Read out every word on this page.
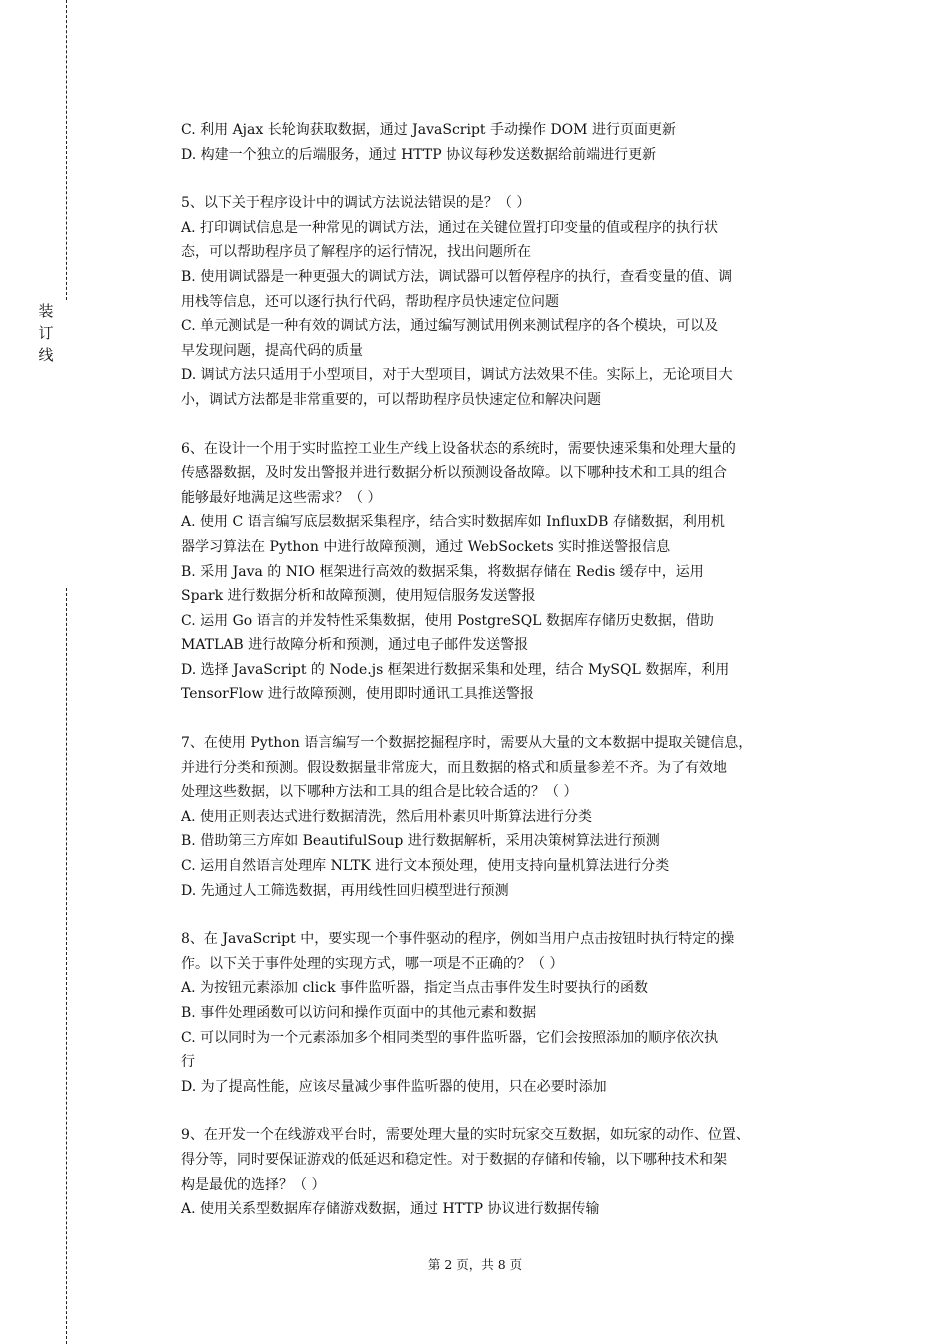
装订线

C. 利用 Ajax 长轮询获取数据，通过 JavaScript 手动操作 DOM 进行页面更新

D. 构建一个独立的后端服务，通过 HTTP 协议每秒发送数据给前端进行更新

5、以下关于程序设计中的调试方法说法错误的是？（ ）

A. 打印调试信息是一种常见的调试方法，通过在关键位置打印变量的值或程序的执行状

态，可以帮助程序员了解程序的运行情况，找出问题所在

B. 使用调试器是一种更强大的调试方法，调试器可以暂停程序的执行，查看变量的值、调

用栈等信息，还可以逐行执行代码，帮助程序员快速定位问题

C. 单元测试是一种有效的调试方法，通过编写测试用例来测试程序的各个模块，可以及

早发现问题，提高代码的质量

D. 调试方法只适用于小型项目，对于大型项目，调试方法效果不佳。实际上，无论项目大

小，调试方法都是非常重要的，可以帮助程序员快速定位和解决问题

6、在设计一个用于实时监控工业生产线上设备状态的系统时，需要快速采集和处理大量的

传感器数据，及时发出警报并进行数据分析以预测设备故障。以下哪种技术和工具的组合

能够最好地满足这些需求？（ ）

A. 使用 C 语言编写底层数据采集程序，结合实时数据库如 InfluxDB 存储数据，利用机

器学习算法在 Python 中进行故障预测，通过 WebSockets 实时推送警报信息

B. 采用 Java 的 NIO 框架进行高效的数据采集，将数据存储在 Redis 缓存中，运用

Spark 进行数据分析和故障预测，使用短信服务发送警报

C. 运用 Go 语言的并发特性采集数据，使用 PostgreSQL 数据库存储历史数据，借助

MATLAB 进行故障分析和预测，通过电子邮件发送警报

D. 选择 JavaScript 的 Node.js 框架进行数据采集和处理，结合 MySQL 数据库，利用

TensorFlow 进行故障预测，使用即时通讯工具推送警报

7、在使用 Python 语言编写一个数据挖掘程序时，需要从大量的文本数据中提取关键信息，

并进行分类和预测。假设数据量非常庞大，而且数据的格式和质量参差不齐。为了有效地

处理这些数据，以下哪种方法和工具的组合是比较合适的？（ ）

A. 使用正则表达式进行数据清洗，然后用朴素贝叶斯算法进行分类

B. 借助第三方库如 BeautifulSoup 进行数据解析，采用决策树算法进行预测

C. 运用自然语言处理库 NLTK 进行文本预处理，使用支持向量机算法进行分类

D. 先通过人工筛选数据，再用线性回归模型进行预测

8、在 JavaScript 中，要实现一个事件驱动的程序，例如当用户点击按钮时执行特定的操

作。以下关于事件处理的实现方式，哪一项是不正确的？（ ）

A. 为按钮元素添加 click 事件监听器，指定当点击事件发生时要执行的函数

B. 事件处理函数可以访问和操作页面中的其他元素和数据

C. 可以同时为一个元素添加多个相同类型的事件监听器，它们会按照添加的顺序依次执

行

D. 为了提高性能，应该尽量减少事件监听器的使用，只在必要时添加

9、在开发一个在线游戏平台时，需要处理大量的实时玩家交互数据，如玩家的动作、位置、

得分等，同时要保证游戏的低延迟和稳定性。对于数据的存储和传输，以下哪种技术和架

构是最优的选择？（ ）

A. 使用关系型数据库存储游戏数据，通过 HTTP 协议进行数据传输

第 2 页，共 8 页
